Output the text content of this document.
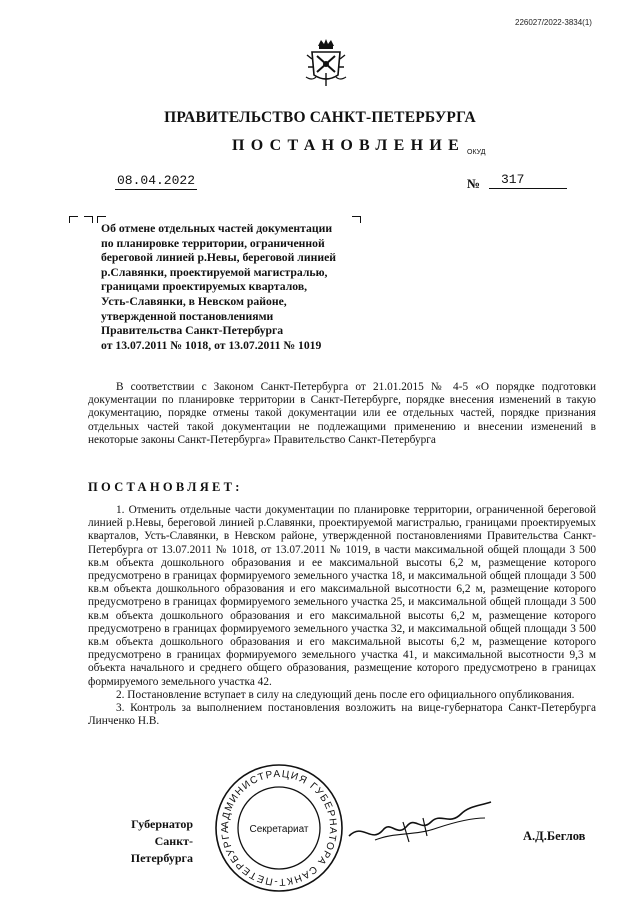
226027/2022-3834(1)
ПРАВИТЕЛЬСТВО САНКТ-ПЕТЕРБУРГА
ПОСТАНОВЛЕНИЕ ОКУД
08.04.2022	№	317
Об отмене отдельных частей документации
по планировке территории, ограниченной
береговой линией р.Невы, береговой линией
р.Славянки, проектируемой магистралью,
границами проектируемых кварталов,
Усть-Славянки, в Невском районе,
утвержденной постановлениями
Правительства Санкт-Петербурга
от 13.07.2011 № 1018, от 13.07.2011 № 1019

В соответствии с Законом Санкт-Петербурга от 21.01.2015 № 4-5 «О порядке подготовки документации по планировке территории в Санкт-Петербурге, порядке внесения изменений в такую документацию, порядке отмены такой документации или ее отдельных частей, порядке признания отдельных частей такой документации не подлежащими применению и внесении изменений в некоторые законы Санкт-Петербурга» Правительство Санкт-Петербурга

ПОСТАНОВЛЯЕТ:

1. Отменить отдельные части документации по планировке территории, ограниченной береговой линией р.Невы, береговой линией р.Славянки, проектируемой магистралью, границами проектируемых кварталов, Усть-Славянки, в Невском районе, утвержденной постановлениями Правительства Санкт-Петербурга от 13.07.2011 № 1018, от 13.07.2011 № 1019, в части максимальной общей площади 3 500 кв.м объекта дошкольного образования и ее максимальной высоты 6,2 м, размещение которого предусмотрено в границах формируемого земельного участка 18, и максимальной общей площади 3 500 кв.м объекта дошкольного образования и его максимальной высотности 6,2 м, размещение которого предусмотрено в границах формируемого земельного участка 25, и максимальной общей площади 3 500 кв.м объекта дошкольного образования и его максимальной высоты 6,2 м, размещение которого предусмотрено в границах формируемого земельного участка 32, и максимальной общей площади 3 500 кв.м объекта дошкольного образования и его максимальной высоты 6,2 м, размещение которого предусмотрено в границах формируемого земельного участка 41, и максимальной высотности 9,3 м объекта начального и среднего общего образования, размещение которого предусмотрено в границах формируемого земельного участка 42.

2. Постановление вступает в силу на следующий день после его официального опубликования.

3. Контроль за выполнением постановления возложить на вице-губернатора Санкт-Петербурга Линченко Н.В.

Губернатор
Санкт-Петербурга
АДМИНИСТРАЦИЯ ГУБЕРНАТОРА САНКТ-ПЕТЕРБУРГА	Секретариат	А.Д.Беглов
